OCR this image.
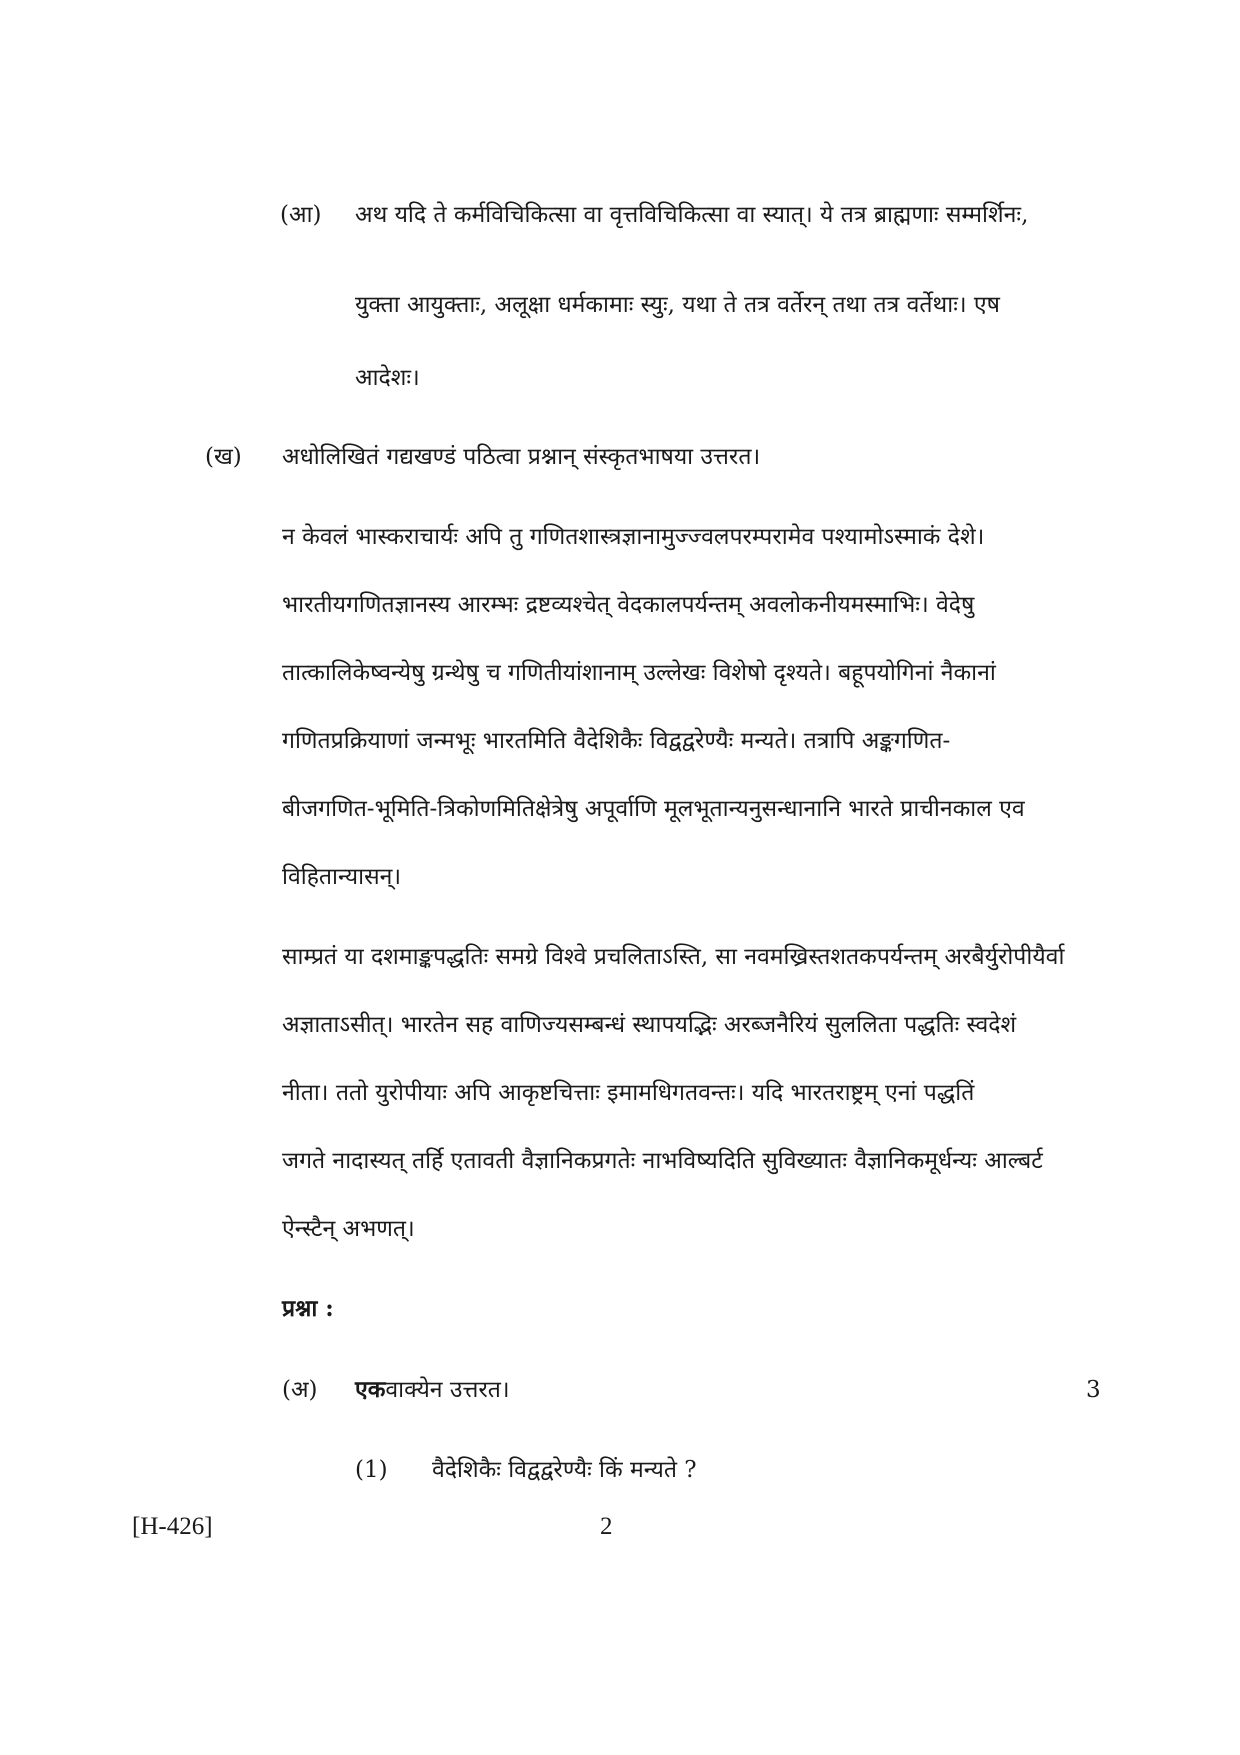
(आ) अथ यदि ते कर्मविचिकित्सा वा वृत्तविचिकित्सा वा स्यात्। ये तत्र ब्राह्मणाः सम्मर्शिनः,
युक्ता आयुक्ताः, अलूक्षा धर्मकामाः स्युः, यथा ते तत्र वर्तेरन् तथा तत्र वर्तेथाः। एष
आदेशः।
(ख) अधोलिखितं गद्यखण्डं पठित्वा प्रश्नान् संस्कृतभाषया उत्तरत।
न केवलं भास्कराचार्यः अपि तु गणितशास्त्रज्ञानामुज्ज्वलपरम्परामेव पश्यामोऽस्माकं देशे।
भारतीयगणितज्ञानस्य आरम्भः द्रष्टव्यश्चेत् वेदकालपर्यन्तम् अवलोकनीयमस्माभिः। वेदेषु
तात्कालिकेष्वन्येषु ग्रन्थेषु च गणितीयांशानाम् उल्लेखः विशेषो दृश्यते। बहूपयोगिनां नैकानां
गणितप्रक्रियाणां जन्मभूः भारतमिति वैदेशिकैः विद्वद्वरेण्यैः मन्यते। तत्रापि अङ्कगणित-
बीजगणित-भूमिति-त्रिकोणमितिक्षेत्रेषु अपूर्वाणि मूलभूतान्यनुसन्धानानि भारते प्राचीनकाल एव
विहितान्यासन्।
साम्प्रतं या दशमाङ्कपद्धतिः समग्रे विश्वे प्रचलिताऽस्ति, सा नवमख्रिस्तशतकपर्यन्तम् अरबैर्युरोपीयैर्वा
अज्ञाताऽसीत्। भारतेन सह वाणिज्यसम्बन्धं स्थापयद्भिः अरब्जनैरियं सुललिता पद्धतिः स्वदेशं
नीता। ततो युरोपीयाः अपि आकृष्टचित्ताः इमामधिगतवन्तः। यदि भारतराष्ट्रम् एनां पद्धतिं
जगते नादास्यत् तर्हि एतावती वैज्ञानिकप्रगतेः नाभविष्यदिति सुविख्यातः वैज्ञानिकमूर्धन्यः आल्बर्ट
ऐन्स्टैन् अभणत्।
प्रश्ना :
(अ) एकवाक्येन उत्तरत।	3
(1) वैदेशिकैः विद्वद्वरेण्यैः किं मन्यते ?
[H-426]	2
